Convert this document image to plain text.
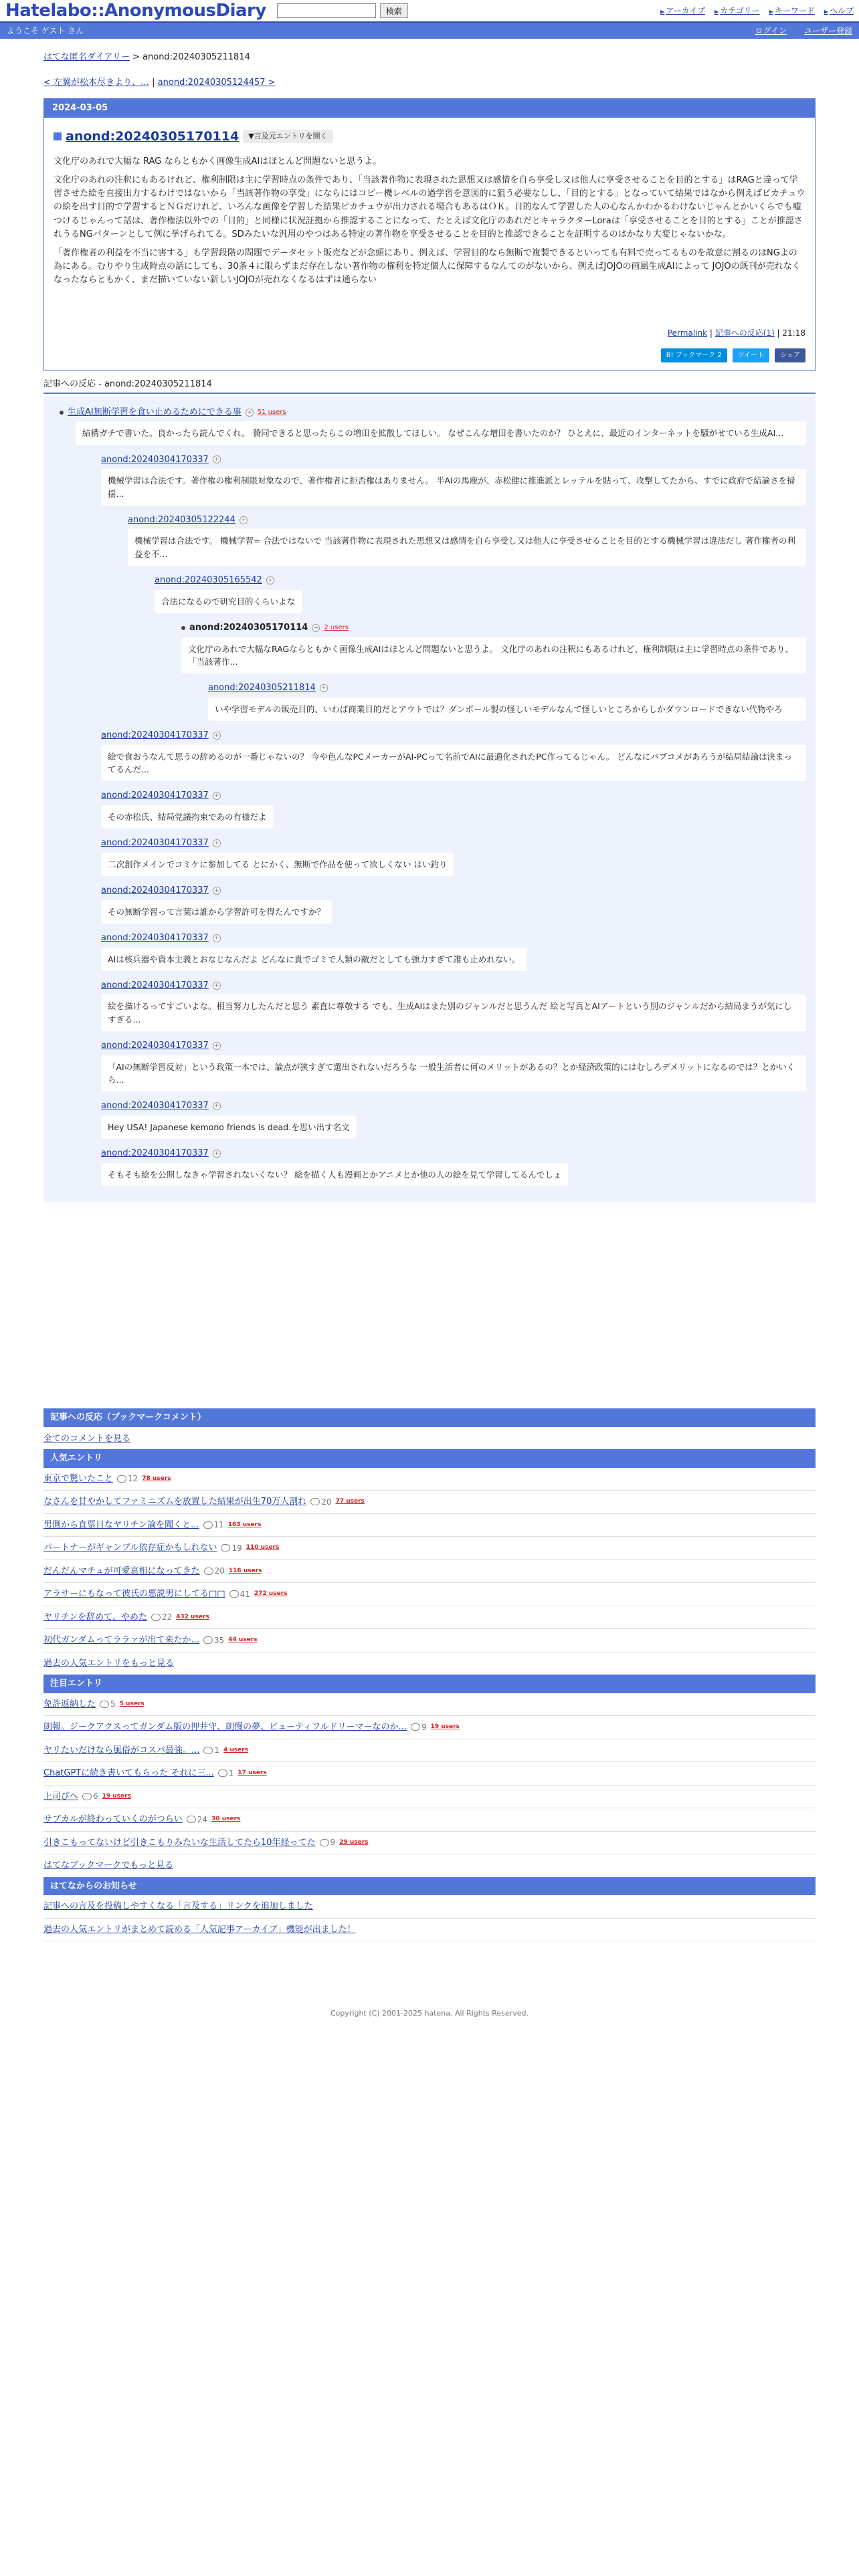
Hatelabo::AnonymousDiary	検索	▶ アーカイブ	▶ カテゴリー	▶ キーワード	▶ ヘルプ
ようこそ ゲスト さん	ログイン ユーザー登録
はてな匿名ダイアリー > anond:20240305211814
< 左翼が松本尽きより、… | anond:20240305124457 >
2024-03-05
anond:20240305170114	▼言及元エントリを開く

文化庁のあれで大幅な RAG ならともかく画像生成AIはほとんど問題ないと思うよ。

文化庁のあれの注釈にもあるけれど、権利制限は主に学習時点の条件であり、「当該著作物に表現された思想又は感情を自ら享受し又は他人に享受させることを目的とする」はRAGと違って学習させた絵を直接出力するわけではないから「当該著作物の享受」にならにはコピー機レベルの過学習を意図的に狙う必要なしし、「目的とする」となっていて結果ではなから例えばピカチュウの絵を出す目的で学習するとＮＧだけれど、いろんな画像を学習した結果ピカチュウが出力される場合もあるはＯＫ。目的なんて学習した人の心なんかわかるわけないじゃんとかいくらでも嘘つけるじゃんって話は、著作権法以外での「目的」と同様に状況証拠から推認することになって、たとえば文化庁のあれだとキャラクターLoraは「享受させることを目的とする」ことが推認されうるNGパターンとして例に挙げられてる。SDみたいな汎用のやつはある特定の著作物を享受させることを目的と推認できることを証明するのはかなり大変じゃないかな。

「著作権者の利益を不当に害する」も学習段階の問題でデータセット販売などが念頭にあり、例えば、学習目的なら無断で複製できるといっても有料で売ってるものを故意に割るのはNGよの為にある。むりやり生成時点の話にしても、30条４に限らずまだ存在しない著作物の権利を特定個人に保障するなんてのがないから、例えばJOJOの画風生成AIによって JOJOの既刊が売れなくなったならともかく、まだ描いていない新しいJOJOが売れなくなるはずは通らない

Permalink | 記事への反応(1) | 21:18
B! ブックマーク 2	ツイート	シェア
記事への反応 - anond:20240305211814
生成AI無断学習を食い止めるためにできる事 + 51 users
結構ガチで書いた。良かったら読んでくれ。 贊同できると思ったらこの増田を拡散してほしい。 なぜこんな増田を書いたのか？ ひとえに、最近のインターネットを騒がせている生成AI...
anond:20240304170337 +
機械学習は合法です。著作権の権利制限対象なので、著作権者に拒否権はありません。 半AIの馬鹿が、赤松健に推進派とレッテルを貼って、攻撃してたから、すでに政府で結論さを掃揺...
anond:20240305122244 +
機械学習は合法です。 機械学習= 合法ではないで 当該著作物に表現された思想又は感情を自ら享受し又は他人に享受させることを目的とする機械学習は違法だし 著作権者の利益を不...
anond:20240305165542 +
合法になるので研究目的くらいよな
anond:20240305170114 + 2 users
文化庁のあれで大幅なRAGならともかく画像生成AIはほとんど問題ないと思うよ。 文化庁のあれの注釈にもあるけれど、権利制限は主に学習時点の条件であり、「当該著作...
anond:20240305211814 +
いや学習モデルの販売目的、いわば商業目的だとアウトでは？ダンボール製の怪しいモデルなんて怪しいところからしかダウンロードできない代物やろ
anond:20240304170337 +
絵で食おうなんて思うの辞めるのが一番じゃないの？ 今や色んなPCメーカーがAI-PCって名前でAIに最適化されたPC作ってるじゃん。 どんなにパブコメがあろうが結局結論は決まってるんだ...
anond:20240304170337 +
その赤松氏、結局党議拘束であの有様だよ
anond:20240304170337 +
二次創作メインでコミケに参加してる とにかく、無断で作品を使って欲しくない はい釣り
anond:20240304170337 +
その無断学習って言葉は誰から学習許可を得たんですか？
anond:20240304170337 +
AIは核兵器や資本主義とおなじなんだよ どんなに貴でゴミで人類の敵だとしても強力すぎて誰も止めれない。
anond:20240304170337 +
絵を描けるってすごいよな。相当努力したんだと思う 素直に尊敬する でも、生成AIはまた別のジャンルだと思うんだ 絵と写真とAIアートという別のジャンルだから結局まうが気にしすぎる...
anond:20240304170337 +
「AIの無断学習反対」という政策一本では、論点が狭すぎて選出されないだろうな 一般生活者に何のメリットがあるの？とか経済政策的にはむしろデメリットになるのでは？とかいくら...
anond:20240304170337 +
Hey USA! Japanese kemono friends is dead.を思い出す名文
anond:20240304170337 +
そもそも絵を公開しなきゃ学習されないくない？ 絵を描く人も漫画とかアニメとか他の人の絵を見て学習してるんでしょ
記事への反応（ブックマークコメント）
全てのコメントを見る
人気エントリ
東京で驚いたこと	12 78 users
なさんを甘やかしてファミニズムを放置した結果が出生70万人割れ	20 77 users
男側から直票目なヤリチン論を聞くと...	11 163 users
パートナーがギャンブル依存症かもしれない	19 110 users
だんだんマチュが可愛哀相になってきた	20 116 users
アラサーにもなって彼氏の悪説男にしてる□□	41 272 users
ヤリチンを辞めて、やめた	22 432 users
初代ガンダムってララァが出て来たか...	35 44 users
過去の人気エントリをもっと見る
注目エントリ
免許返納した	5 5 users
朗報。ジークアクスってガンダム版の押井守、朗慢の夢、ビューティフルドリーマーなのか...	9 19 users
ヤリたいだけなら風俗がコスパ最強。...	1 4 users
ChatGPTに続き書いてもらった それに三...	1 17 users
上司びへ	6 19 users
サブカルが終わっていくのがつらい	24 30 users
引きこもってないけど引きこもりみたいな生活してたら10年経ってた	9 29 users
はてなブックマークでもっと見る
はてなからのお知らせ
記事への言及を投稿しやすくなる「言及する」リンクを追加しました
過去の人気エントリがまとめて読める「人気記事アーカイブ」機能が出ました！
Copyright (C) 2001-2025 hatena. All Rights Reserved.
